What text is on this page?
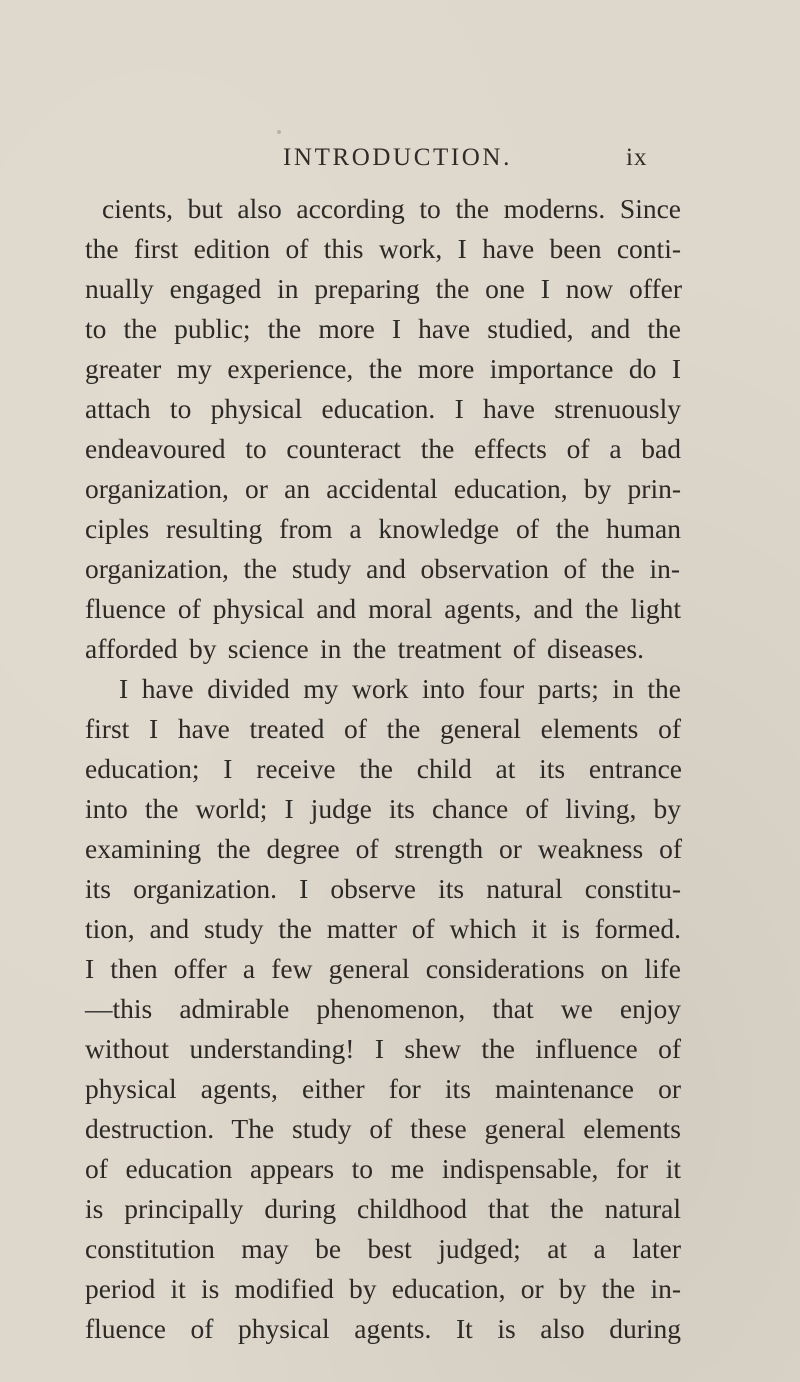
INTRODUCTION.	ix
cients, but also according to the moderns. Since
the first edition of this work, I have been conti-
nually engaged in preparing the one I now offer
to the public; the more I have studied, and the
greater my experience, the more importance do I
attach to physical education. I have strenuously
endeavoured to counteract the effects of a bad
organization, or an accidental education, by prin-
ciples resulting from a knowledge of the human
organization, the study and observation of the in-
fluence of physical and moral agents, and the light
afforded by science in the treatment of diseases.
I have divided my work into four parts; in the
first I have treated of the general elements of
education; I receive the child at its entrance
into the world; I judge its chance of living, by
examining the degree of strength or weakness of
its organization. I observe its natural constitu-
tion, and study the matter of which it is formed.
I then offer a few general considerations on life
—this admirable phenomenon, that we enjoy
without understanding! I shew the influence of
physical agents, either for its maintenance or
destruction. The study of these general elements
of education appears to me indispensable, for it
is principally during childhood that the natural
constitution may be best judged; at a later
period it is modified by education, or by the in-
fluence of physical agents. It is also during
